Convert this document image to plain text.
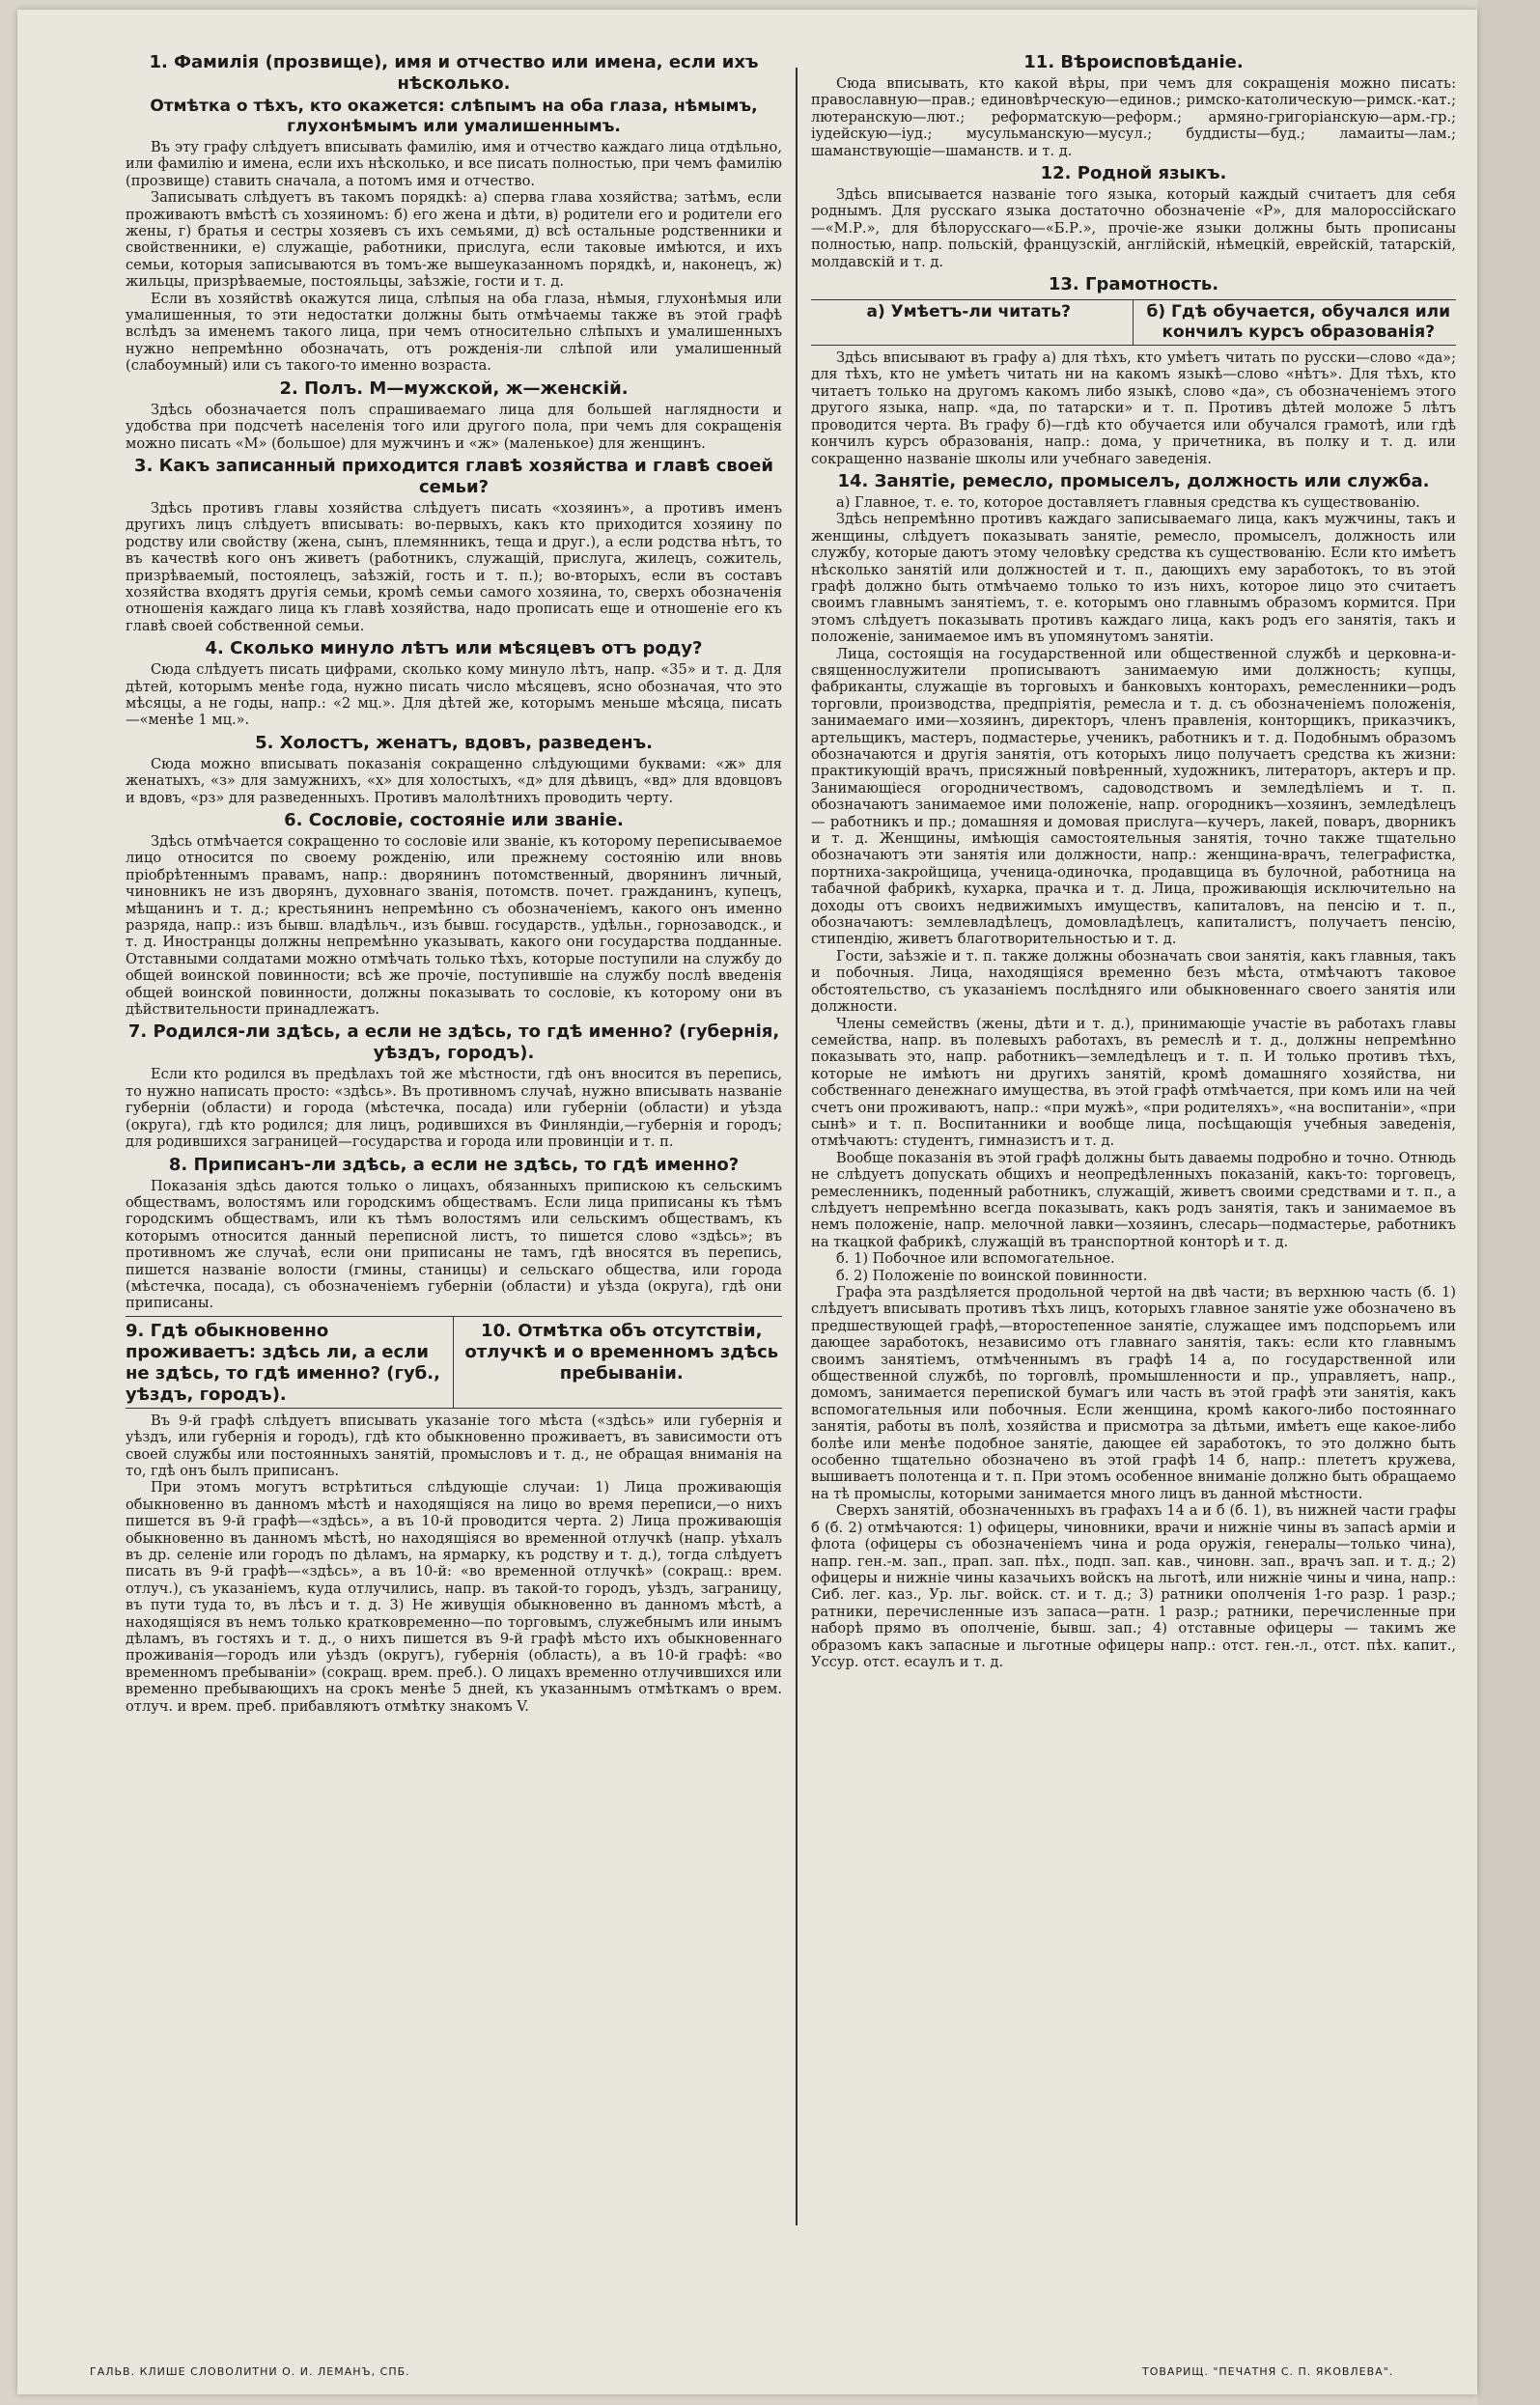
1. Фамилія (прозвище), имя и отчество или имена, если ихъ нѣсколько.
Отмѣтка о тѣхъ, кто окажется: слѣпымъ на оба глаза, нѣмымъ, глухонѣмымъ или умалишеннымъ.

Въ эту графу слѣдуетъ вписывать фамилію, имя и отчество каждаго лица отдѣльно, или фамилію и имена, если ихъ нѣсколько, и все писать полностью, при чемъ фамилію (прозвище) ставить сначала, а потомъ имя и отчество.

Записывать слѣдуетъ въ такомъ порядкѣ: а) сперва глава хозяйства; затѣмъ, если проживаютъ вмѣстѣ съ хозяиномъ: б) его жена и дѣти, в) родители его и родители его жены, г) братья и сестры хозяевъ съ ихъ семьями, д) всѣ остальные родственники и свойственники, е) служащіе, работники, прислуга, если таковые имѣются, и ихъ семьи, которыя записываются въ томъ-же вышеуказанномъ порядкѣ, и, наконецъ, ж) жильцы, призрѣваемые, постояльцы, заѣзжіе, гости и т. д.

Если въ хозяйствѣ окажутся лица, слѣпыя на оба глаза, нѣмыя, глухонѣмыя или умалишенныя, то эти недостатки должны быть отмѣчаемы также въ этой графѣ вслѣдъ за именемъ такого лица, при чемъ относительно слѣпыхъ и умалишенныхъ нужно непремѣнно обозначать, отъ рожденія-ли слѣпой или умалишенный (слабоумный) или съ такого-то именно возраста.

2. Полъ. М—мужской, ж—женскій.

Здѣсь обозначается полъ спрашиваемаго лица для большей наглядности и удобства при подсчетѣ населенія того или другого пола, при чемъ для сокращенія можно писать «М» (большое) для мужчинъ и «ж» (маленькое) для женщинъ.

3. Какъ записанный приходится главѣ хозяйства и главѣ своей семьи?

Здѣсь противъ главы хозяйства слѣдуетъ писать «хозяинъ», а противъ именъ другихъ лицъ слѣдуетъ вписывать: во-первыхъ, какъ кто приходится хозяину по родству или свойству (жена, сынъ, племянникъ, теща и друг.), а если родства нѣтъ, то въ качествѣ кого онъ живетъ (работникъ, служащій, прислуга, жилецъ, сожитель, призрѣваемый, постоялецъ, заѣзжій, гость и т. п.); во-вторыхъ, если въ составъ хозяйства входятъ другія семьи, кромѣ семьи самого хозяина, то, сверхъ обозначенія отношенія каждаго лица къ главѣ хозяйства, надо прописать еще и отношеніе его къ главѣ своей собственной семьи.

4. Сколько минуло лѣтъ или мѣсяцевъ отъ роду?

Сюда слѣдуетъ писать цифрами, сколько кому минуло лѣтъ, напр. «35» и т. д. Для дѣтей, которымъ менѣе года, нужно писать число мѣсяцевъ, ясно обозначая, что это мѣсяцы, а не годы, напр.: «2 мц.». Для дѣтей же, которымъ меньше мѣсяца, писать—«менѣе 1 мц.».

5. Холостъ, женатъ, вдовъ, разведенъ.

Сюда можно вписывать показанія сокращенно слѣдующими буквами: «ж» для женатыхъ, «з» для замужнихъ, «х» для холостыхъ, «д» для дѣвицъ, «вд» для вдовцовъ и вдовъ, «рз» для разведенныхъ. Противъ малолѣтнихъ проводить черту.

6. Сословіе, состояніе или званіе.

Здѣсь отмѣчается сокращенно то сословіе или званіе, къ которому переписываемое лицо относится по своему рожденію, или прежнему состоянію или вновь пріобрѣтеннымъ правамъ, напр.: дворянинъ потомственный, дворянинъ личный, чиновникъ не изъ дворянъ, духовнаго званія, потомств. почет. гражданинъ, купецъ, мѣщанинъ и т. д.; крестьянинъ непремѣнно съ обозначеніемъ, какого онъ именно разряда, напр.: изъ бывш. владѣльч., изъ бывш. государств., удѣльн., горнозаводск., и т. д. Иностранцы должны непремѣнно указывать, какого они государства подданные. Отставными солдатами можно отмѣчать только тѣхъ, которые поступили на службу до общей воинской повинности; всѣ же прочіе, поступившіе на службу послѣ введенія общей воинской повинности, должны показывать то сословіе, къ которому они въ дѣйствительности принадлежатъ.

7. Родился-ли здѣсь, а если не здѣсь, то гдѣ именно? (губернія, уѣздъ, городъ).

Если кто родился въ предѣлахъ той же мѣстности, гдѣ онъ вносится въ перепись, то нужно написать просто: «здѣсь». Въ противномъ случаѣ, нужно вписывать названіе губерніи (области) и города (мѣстечка, посада) или губерніи (области) и уѣзда (округа), гдѣ кто родился; для лицъ, родившихся въ Финляндіи,—губернія и городъ; для родившихся заграницей—государства и города или провинціи и т. п.

8. Приписанъ-ли здѣсь, а если не здѣсь, то гдѣ именно?

Показанія здѣсь даются только о лицахъ, обязанныхъ припискою къ сельскимъ обществамъ, волостямъ или городскимъ обществамъ. Если лица приписаны къ тѣмъ городскимъ обществамъ, или къ тѣмъ волостямъ или сельскимъ обществамъ, къ которымъ относится данный переписной листъ, то пишется слово «здѣсь»; въ противномъ же случаѣ, если они приписаны не тамъ, гдѣ вносятся въ перепись, пишется названіе волости (гмины, станицы) и сельскаго общества, или города (мѣстечка, посада), съ обозначеніемъ губерніи (области) и уѣзда (округа), гдѣ они приписаны.

9. Гдѣ обыкновенно проживаетъ: здѣсь ли, а если не здѣсь, то гдѣ именно? (губ., уѣздъ, городъ).
10. Отмѣтка объ отсутствіи, отлучкѣ и о временномъ здѣсь пребываніи.

Въ 9-й графѣ слѣдуетъ вписывать указаніе того мѣста («здѣсь» или губернія и уѣздъ, или губернія и городъ), гдѣ кто обыкновенно проживаетъ, въ зависимости отъ своей службы или постоянныхъ занятій, промысловъ и т. д., не обращая вниманія на то, гдѣ онъ былъ приписанъ.

При этомъ могутъ встрѣтиться слѣдующіе случаи: 1) Лица проживающія обыкновенно въ данномъ мѣстѣ и находящіяся на лицо во время переписи,—о нихъ пишется въ 9-й графѣ—«здѣсь», а въ 10-й проводится черта. 2) Лица проживающія обыкновенно въ данномъ мѣстѣ, но находящіяся во временной отлучкѣ (напр. уѣхалъ въ др. селеніе или городъ по дѣламъ, на ярмарку, къ родству и т. д.), тогда слѣдуетъ писать въ 9-й графѣ—«здѣсь», а въ 10-й: «во временной отлучкѣ» (сокращ.: врем. отлуч.), съ указаніемъ, куда отлучились, напр. въ такой-то городъ, уѣздъ, заграницу, въ пути тудa то, въ лѣсъ и т. д. 3) Не живущія обыкновенно въ данномъ мѣстѣ, а находящіяся въ немъ только кратковременно—по торговымъ, служебнымъ или инымъ дѣламъ, въ гостяхъ и т. д., о нихъ пишется въ 9-й графѣ мѣсто ихъ обыкновеннаго проживанія—городъ или уѣздъ (округъ), губернія (область), а въ 10-й графѣ: «во временномъ пребываніи» (сокращ. врем. преб.). О лицахъ временно отлучившихся или временно пребывающихъ на срокъ менѣе 5 дней, къ указаннымъ отмѣткамъ о врем. отлуч. и врем. преб. прибавляютъ отмѣтку знакомъ V.

11. Вѣроисповѣданіе.

Сюда вписывать, кто какой вѣры, при чемъ для сокращенія можно писать: православную—прав.; единовѣрческую—единов.; римско-католическую—римск.-кат.; лютеранскую—лют.; реформатскую—реформ.; армяно-григоріанскую—арм.-гр.; іудейскую—іуд.; мусульманскую—мусул.; буддисты—буд.; ламаиты—лам.; шаманствующіе—шаманств. и т. д.

12. Родной языкъ.

Здѣсь вписывается названіе того языка, который каждый считаетъ для себя роднымъ. Для русскаго языка достаточно обозначеніе «Р», для малороссійскаго—«М.Р.», для бѣлорусскаго—«Б.Р.», прочіе-же языки должны быть прописаны полностью, напр. польскій, французскій, англійскій, нѣмецкій, еврейскій, татарскій, молдавскій и т. д.

13. Грамотность.
а) Умѣетъ-ли читать?	б) Гдѣ обучается, обучался или кончилъ курсъ образованія?

Здѣсь вписывают въ графу а) для тѣхъ, кто умѣетъ читать по русски—слово «да»; для тѣхъ, кто не умѣетъ читать ни на какомъ языкѣ—слово «нѣтъ». Для тѣхъ, кто читаетъ только на другомъ какомъ либо языкѣ, слово «да», съ обозначеніемъ этого другого языка, напр. «да, по татарски» и т. п. Противъ дѣтей моложе 5 лѣтъ проводится черта. Въ графу б)—гдѣ кто обучается или обучался грамотѣ, или гдѣ кончилъ курсъ образованія, напр.: дома, у причетника, въ полку и т. д. или сокращенно названіе школы или учебнаго заведенія.

14. Занятіе, ремесло, промыселъ, должность или служба.

а) Главное, т. е. то, которое доставляетъ главныя средства къ существованію.

Здѣсь непремѣнно противъ каждаго записываемаго лица, какъ мужчины, такъ и женщины, слѣдуетъ показывать занятіе, ремесло, промыселъ, должность или службу, которые даютъ этому человѣку средства къ существованію. Если кто имѣетъ нѣсколько занятій или должностей и т. п., дающихъ ему заработокъ, то въ этой графѣ должно быть отмѣчаемо только то изъ нихъ, которое лицо это считаетъ своимъ главнымъ занятіемъ, т. е. которымъ оно главнымъ образомъ кормится. При этомъ слѣдуетъ показывать противъ каждаго лица, какъ родъ его занятія, такъ и положеніе, занимаемое имъ въ упомянутомъ занятіи.

Лица, состоящія на государственной или общественной службѣ и церковна-и-священнослужители прописываютъ занимаемую ими должность; купцы, фабриканты, служащіе въ торговыхъ и банковыхъ конторахъ, ремесленники—родъ торговли, производства, предпріятія, ремесла и т. д. съ обозначеніемъ положенія, занимаемаго ими—хозяинъ, директоръ, членъ правленія, конторщикъ, приказчикъ, артельщикъ, мастеръ, подмастерье, ученикъ, работникъ и т. д. Подобнымъ образомъ обозначаются и другія занятія, отъ которыхъ лицо получаетъ средства къ жизни: практикующій врачъ, присяжный повѣренный, художникъ, литераторъ, актеръ и пр. Занимающіеся огородничествомъ, садоводствомъ и земледѣліемъ и т. п. обозначаютъ занимаемое ими положеніе, напр. огородникъ—хозяинъ, земледѣлецъ — работникъ и пр.; домашняя и домовая прислуга—кучеръ, лакей, поваръ, дворникъ и т. д. Женщины, имѣющія самостоятельныя занятія, точно также тщательно обозначаютъ эти занятія или должности, напр.: женщина-врачъ, телеграфистка, портниха-закройщица, ученица-одиночка, продавщица въ булочной, работница на табачной фабрикѣ, кухарка, прачка и т. д. Лица, проживающія исключительно на доходы отъ своихъ недвижимыхъ имуществъ, капиталовъ, на пенсію и т. п., обозначаютъ: землевладѣлецъ, домовладѣлецъ, капиталистъ, получаетъ пенсію, стипендію, живетъ благотворительностью и т. д.

Гости, заѣзжіе и т. п. также должны обозначать свои занятія, какъ главныя, такъ и побочныя. Лица, находящіяся временно безъ мѣста, отмѣчаютъ таковое обстоятельство, съ указаніемъ послѣдняго или обыкновеннаго своего занятія или должности.

Члены семействъ (жены, дѣти и т. д.), принимающіе участіе въ работахъ главы семейства, напр. въ полевыхъ работахъ, въ ремеслѣ и т. д., должны непремѣнно показывать это, напр. работникъ—земледѣлецъ и т. п. И только противъ тѣхъ, которые не имѣютъ ни другихъ занятій, кромѣ домашняго хозяйства, ни собственнаго денежнаго имущества, въ этой графѣ отмѣчается, при комъ или на чей счетъ они проживаютъ, напр.: «при мужѣ», «при родителяхъ», «на воспитаніи», «при сынѣ» и т. п. Воспитанники и вообще лица, посѣщающія учебныя заведенія, отмѣчаютъ: студентъ, гимназистъ и т. д.

Вообще показанія въ этой графѣ должны быть даваемы подробно и точно. Отнюдь не слѣдуетъ допускать общихъ и неопредѣленныхъ показаній, какъ-то: торговецъ, ремесленникъ, поденный работникъ, служащій, живетъ своими средствами и т. п., а слѣдуетъ непремѣнно всегда показывать, какъ родъ занятія, такъ и занимаемое въ немъ положеніе, напр. мелочной лавки—хозяинъ, слесарь—подмастерье, работникъ на ткацкой фабрикѣ, служащій въ транспортной конторѣ и т. д.

б. 1) Побочное или вспомогательное.

б. 2) Положеніе по воинской повинности.

Графа эта раздѣляется продольной чертой на двѣ части; въ верхнюю часть (б. 1) слѣдуетъ вписывать противъ тѣхъ лицъ, которыхъ главное занятіе уже обозначено въ предшествующей графѣ,—второстепенное занятіе, служащее имъ подспорьемъ или дающее заработокъ, независимо отъ главнаго занятія, такъ: если кто главнымъ своимъ занятіемъ, отмѣченнымъ въ графѣ 14 а, по государственной или общественной службѣ, по торговлѣ, промышленности и пр., управляетъ, напр., домомъ, занимается перепиской бумагъ или часть въ этой графѣ эти занятія, какъ вспомогательныя или побочныя. Если женщина, кромѣ какого-либо постояннаго занятія, работы въ полѣ, хозяйства и присмотра за дѣтьми, имѣетъ еще какое-либо болѣе или менѣе подобное занятіе, дающее ей заработокъ, то это должно быть особенно тщательно обозначено въ этой графѣ 14 б, напр.: плететъ кружева, вышиваетъ полотенца и т. п. При этомъ особенное вниманіе должно быть обращаемо на тѣ промыслы, которыми занимается много лицъ въ данной мѣстности.

Сверхъ занятій, обозначенныхъ въ графахъ 14 а и б (б. 1), въ нижней части графы б (б. 2) отмѣчаются: 1) офицеры, чиновники, врачи и нижніе чины въ запасѣ арміи и флота (офицеры съ обозначеніемъ чина и рода оружія, генералы—только чина), напр. ген.-м. зап., прап. зап. пѣх., подп. зап. кав., чиновн. зап., врачъ зап. и т. д.; 2) офицеры и нижніе чины казачьихъ войскъ на льготѣ, или нижніе чины и чина, напр.: Сиб. лег. каз., Ур. льг. войск. ст. и т. д.; 3) ратники ополченія 1-го разр. 1 разр.; ратники, перечисленные изъ запаса—ратн. 1 разр.; ратники, перечисленные при наборѣ прямо въ ополченіе, бывш. зап.; 4) отставные офицеры — такимъ же образомъ какъ запасные и льготные офицеры напр.: отст. ген.-л., отст. пѣх. капит., Уссур. отст. есаулъ и т. д.

ГАЛЬВ. КЛИШЕ СЛОВОЛИТНИ О. И. ЛЕМАНЪ, СПБ.	ТОВАРИЩ. "ПЕЧАТНЯ С. П. ЯКОВЛЕВА".
